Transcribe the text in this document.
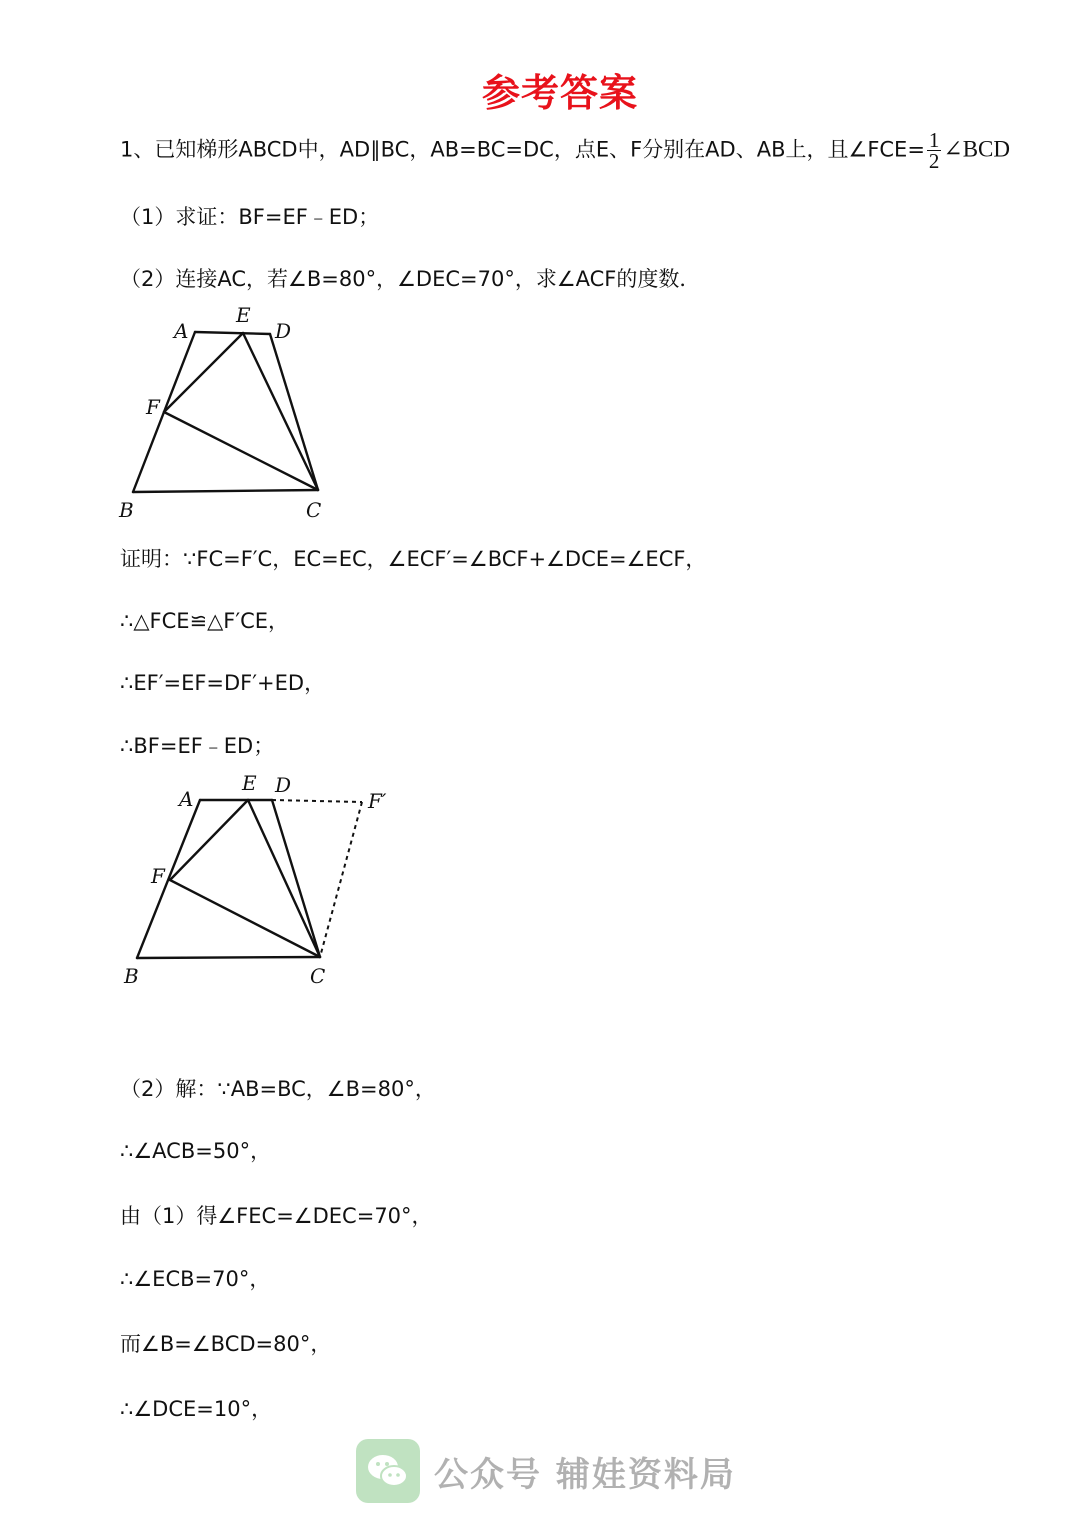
参考答案
1、已知梯形ABCD中，AD∥BC，AB=BC=DC，点E、F分别在AD、AB上，且∠FCE= $\frac{1}{2}$ ∠BCD
（1）求证：BF=EF﹣ED；
（2）连接AC，若∠B=80°，∠DEC=70°，求∠ACF的度数．
A
E
D
F
B	C
证明：∵FC=F′C，EC=EC，∠ECF′=∠BCF+∠DCE=∠ECF，
∴△FCE≌△F′CE，
∴EF′=EF=DF′+ED，
∴BF=EF﹣ED；
A
E D
F′
F
B	C
（2）解：∵AB=BC，∠B=80°，
∴∠ACB=50°，
由（1）得∠FEC=∠DEC=70°，
∴∠ECB=70°，
而∠B=∠BCD=80°，
∴∠DCE=10°，
公众号 辅娃资料局
